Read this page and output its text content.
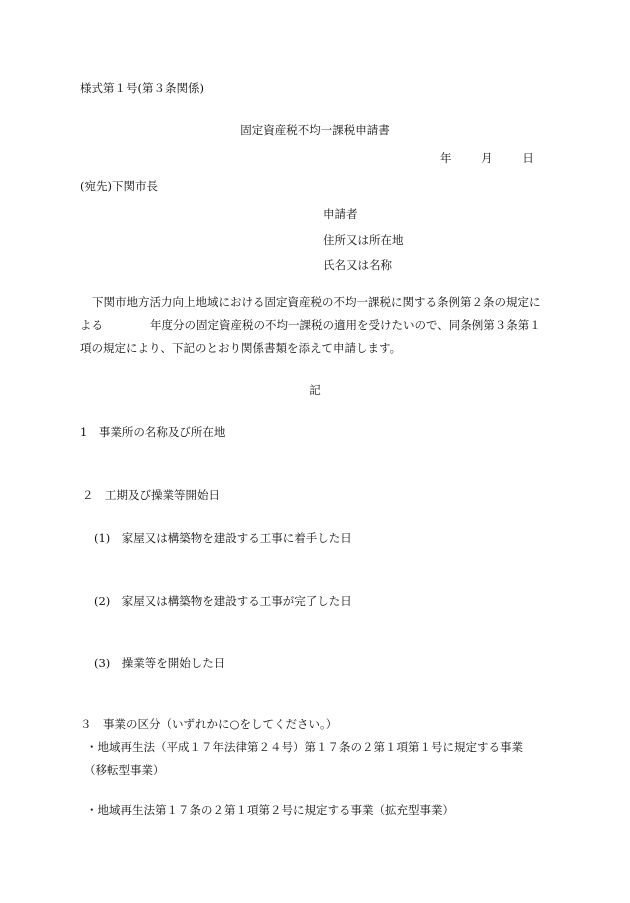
様式第１号(第３条関係)

固定資産税不均一課税申請書

年	月	日

(宛先)下関市長

申請者

住所又は所在地

氏名又は名称

下関市地方活力向上地域における固定資産税の不均一課税に関する条例第２条の規定に

よる	年度分の固定資産税の不均一課税の適用を受けたいので、同条例第３条第１

項の規定により、下記のとおり関係書類を添えて申請します。

記

1　事業所の名称及び所在地

２　工期及び操業等開始日

(1)　家屋又は構築物を建設する工事に着手した日

(2)　家屋又は構築物を建設する工事が完了した日

(3)　操業等を開始した日

３　事業の区分（いずれかに○をしてください。）

・地域再生法（平成１７年法律第２４号）第１７条の２第１項第１号に規定する事業

（移転型事業）

・地域再生法第１７条の２第１項第２号に規定する事業（拡充型事業）
